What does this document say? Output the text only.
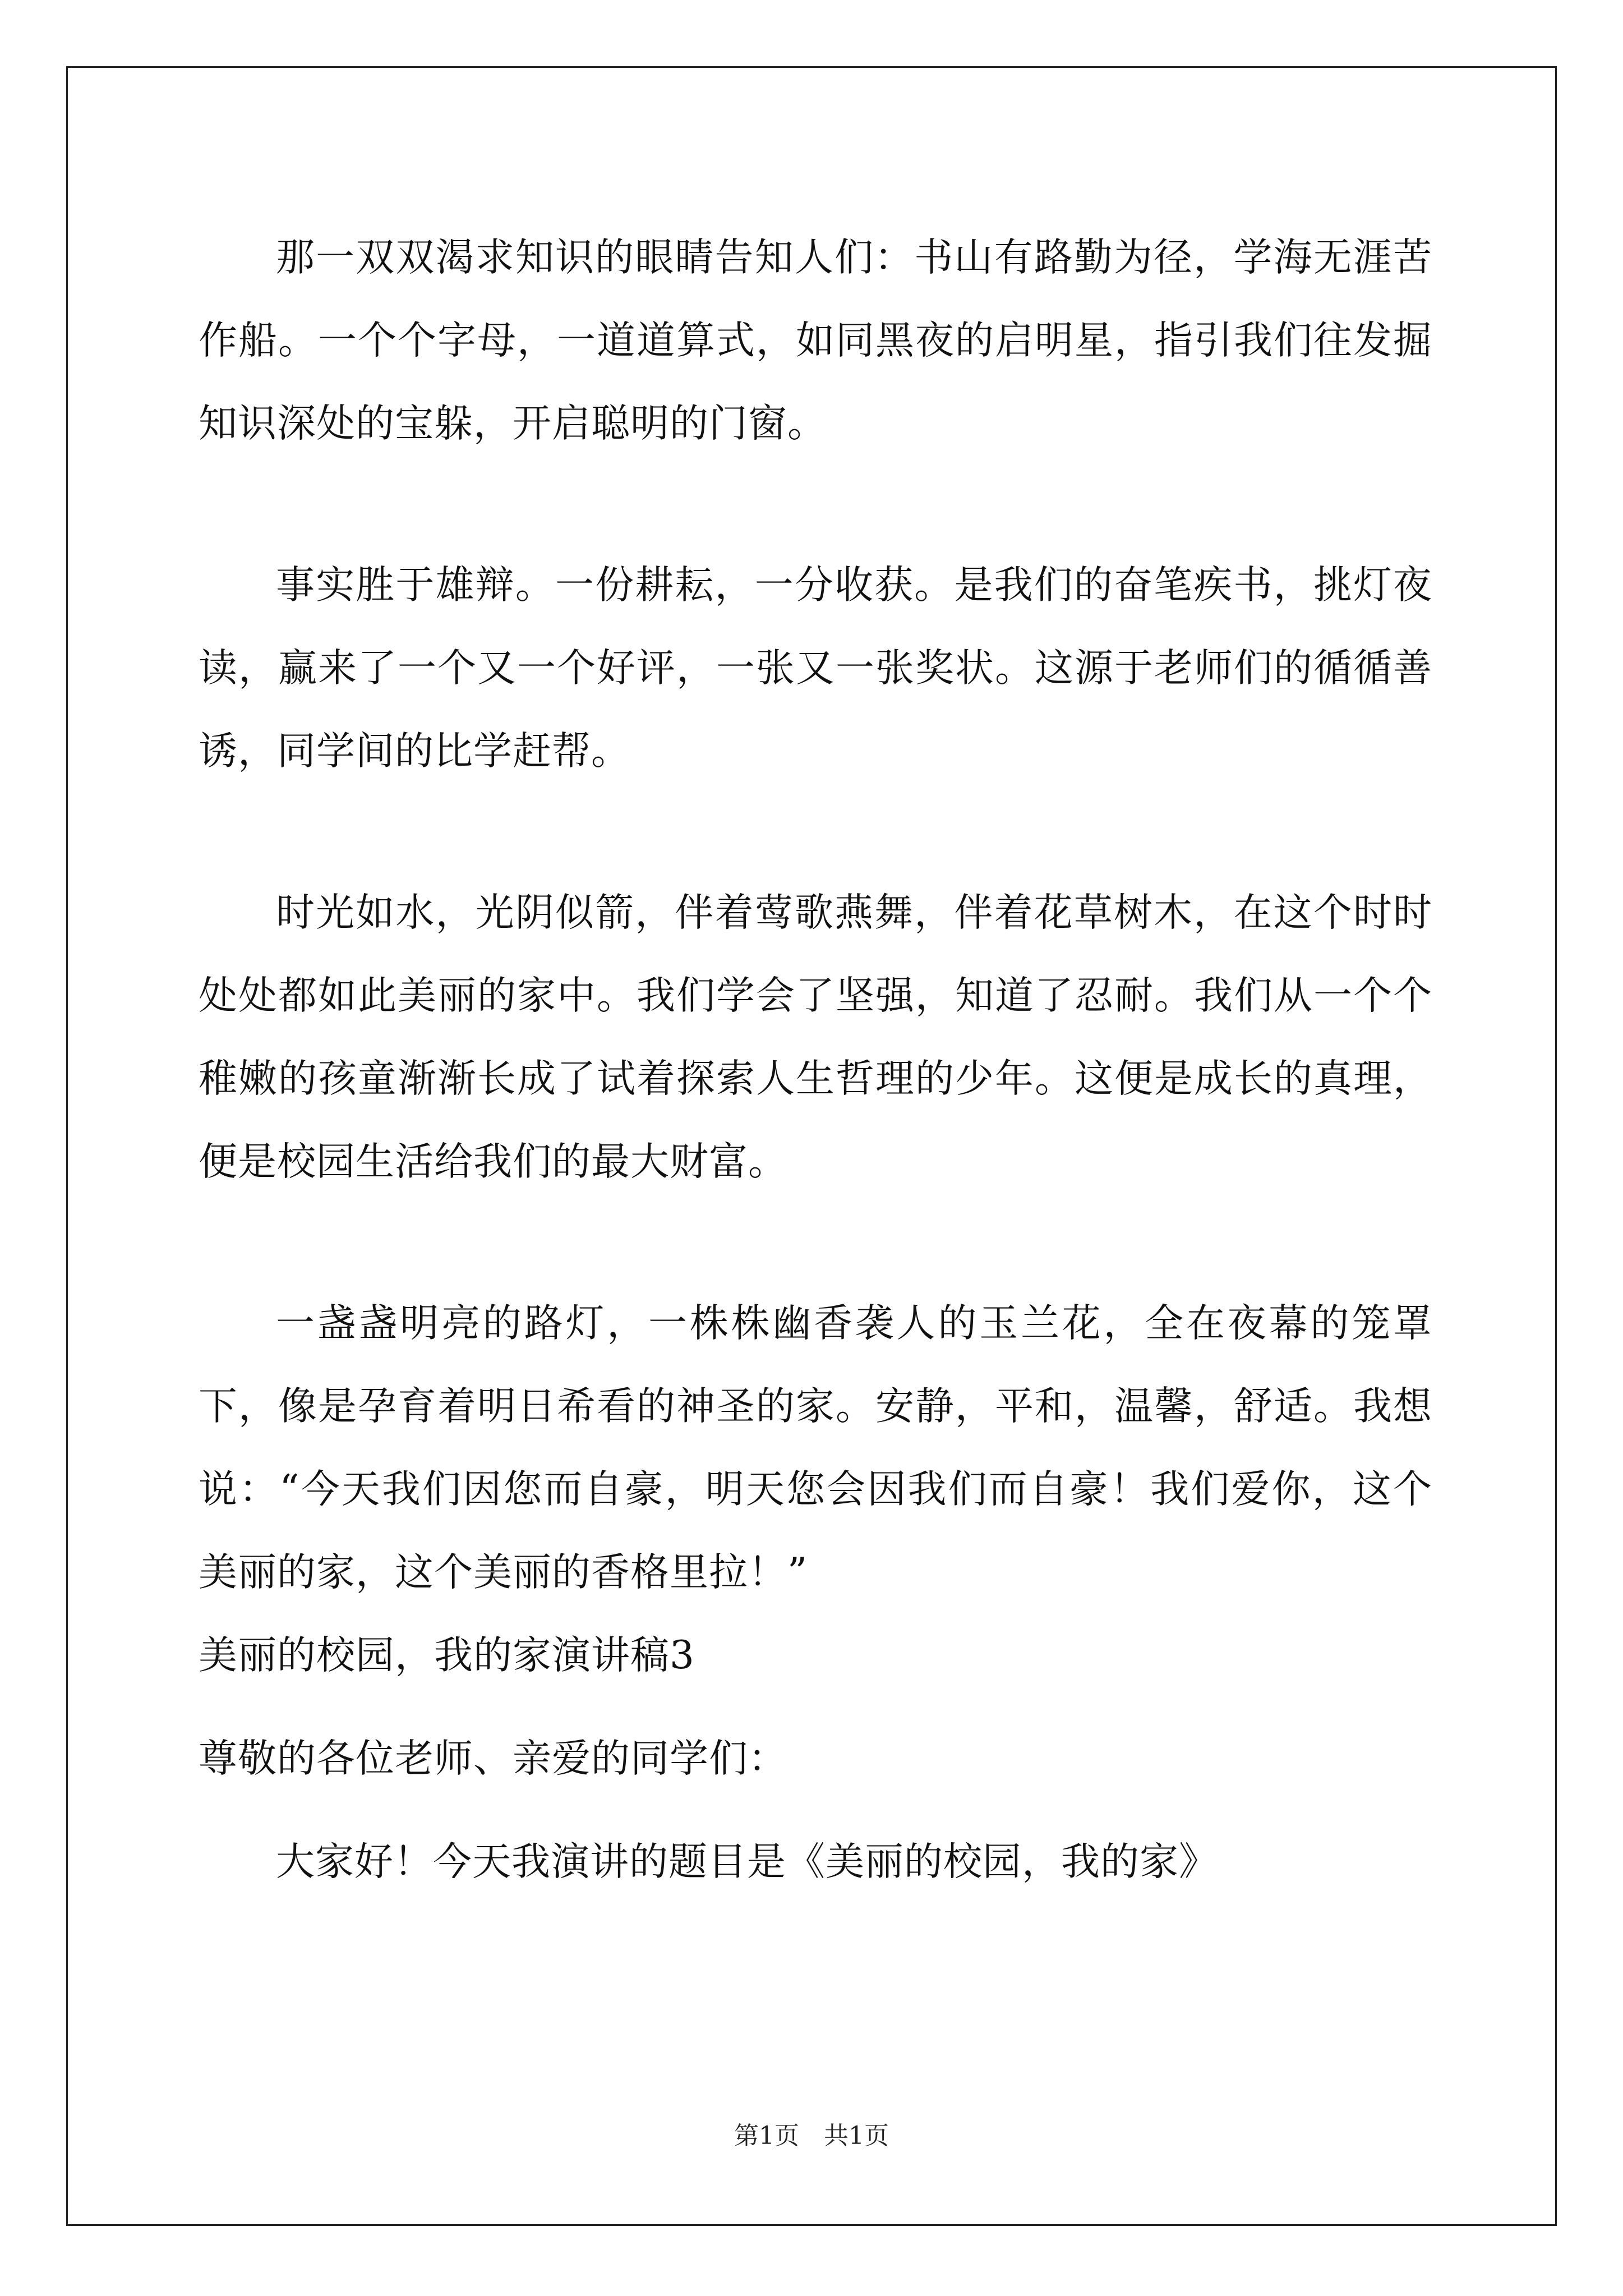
那一双双渴求知识的眼睛告知人们：书山有路勤为径，学海无涯苦作船。一个个字母，一道道算式，如同黑夜的启明星，指引我们往发掘知识深处的宝躲，开启聪明的门窗。

事实胜于雄辩。一份耕耘，一分收获。是我们的奋笔疾书，挑灯夜读，赢来了一个又一个好评，一张又一张奖状。这源于老师们的循循善诱，同学间的比学赶帮。

时光如水，光阴似箭，伴着莺歌燕舞，伴着花草树木，在这个时时处处都如此美丽的家中。我们学会了坚强，知道了忍耐。我们从一个个稚嫩的孩童渐渐长成了试着探索人生哲理的少年。这便是成长的真理，便是校园生活给我们的最大财富。

一盏盏明亮的路灯，一株株幽香袭人的玉兰花，全在夜幕的笼罩下，像是孕育着明日希看的神圣的家。安静，平和，温馨，舒适。我想说：“今天我们因您而自豪，明天您会因我们而自豪！我们爱你，这个美丽的家，这个美丽的香格里拉！”

美丽的校园，我的家演讲稿3

尊敬的各位老师、亲爱的同学们：

大家好！今天我演讲的题目是《美丽的校园，我的家》

第1页　共1页
